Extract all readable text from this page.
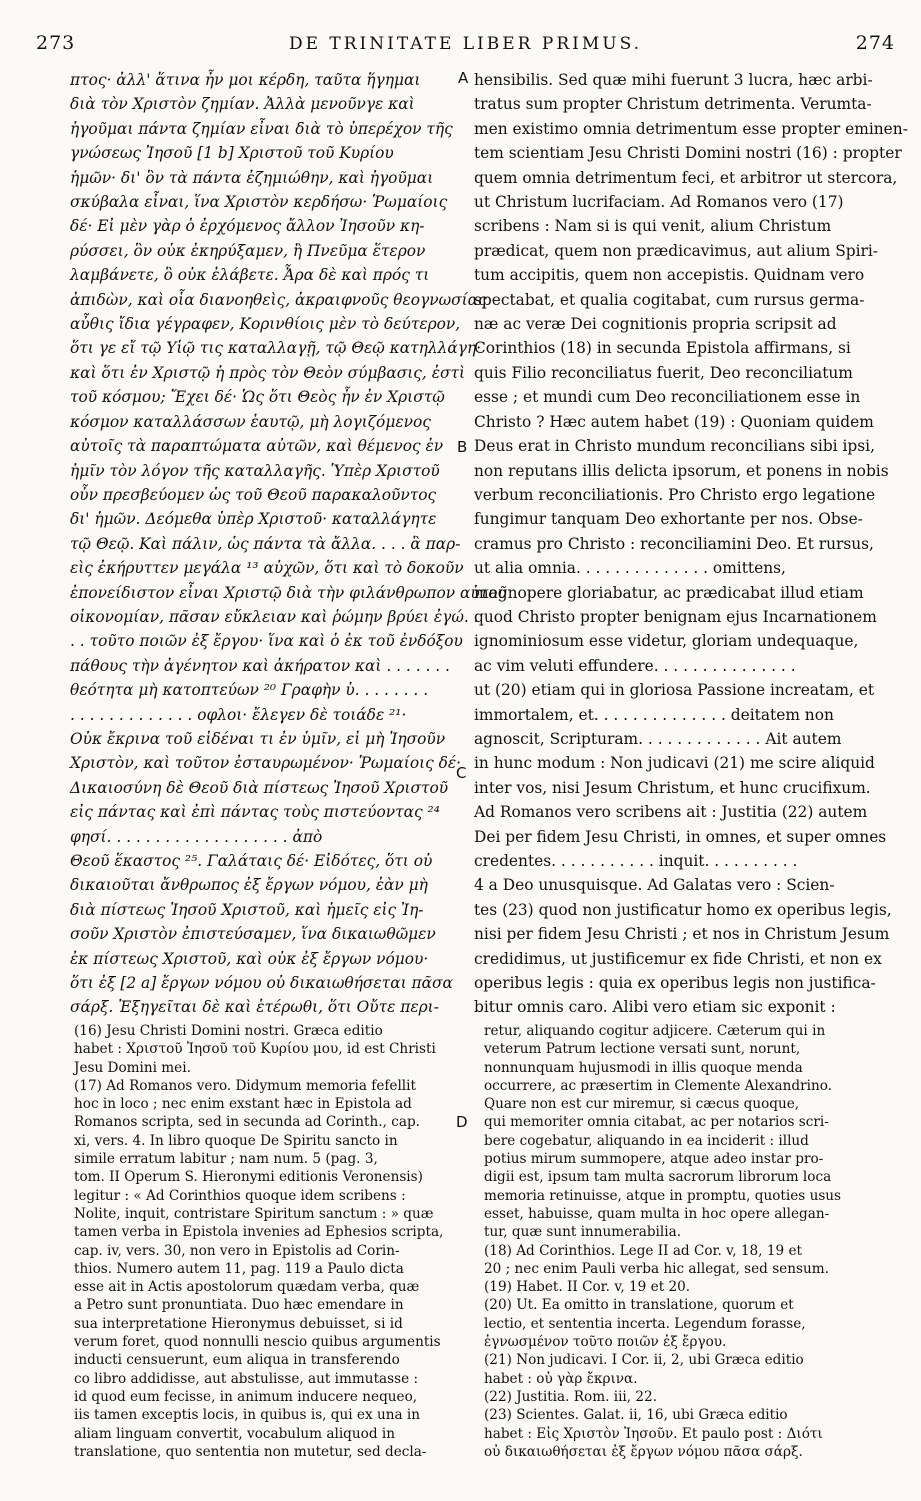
273	DE TRINITATE LIBER PRIMUS.	274
πτος· ἀλλ' ἅτινα ἦν μοι κέρδη, ταῦτα ἥγημαι
διὰ τὸν Χριστὸν ζημίαν. Ἀλλὰ μενοῦνγε καὶ
ἡγοῦμαι πάντα ζημίαν εἶναι διὰ τὸ ὑπερέχον τῆς
γνώσεως Ἰησοῦ [1 b] Χριστοῦ τοῦ Κυρίου
ἡμῶν· δι' ὃν τὰ πάντα ἐζημιώθην, καὶ ἡγοῦμαι
σκύβαλα εἶναι, ἵνα Χριστὸν κερδήσω· Ῥωμαίοις
δέ· Εἰ μὲν γὰρ ὁ ἐρχόμενος ἄλλον Ἰησοῦν κη-
ρύσσει, ὃν οὐκ ἐκηρύξαμεν, ἢ Πνεῦμα ἕτερον
λαμβάνετε, ὃ οὐκ ἐλάβετε. Ἆρα δὲ καὶ πρός τι
ἀπιδὼν, καὶ οἷα διανοηθεὶς, ἀκραιφνοῦς θεογνωσίας
αὖθις ἴδια γέγραφεν, Κορινθίοις μὲν τὸ δεύτερον,
ὅτι γε εἴ τῷ Υἱῷ τις καταλλαγῇ, τῷ Θεῷ κατηλλάγη·
καὶ ὅτι ἐν Χριστῷ ἡ πρὸς τὸν Θεὸν σύμβασις, ἐστὶ
τοῦ κόσμου; Ἔχει δέ· Ὡς ὅτι Θεὸς ἦν ἐν Χριστῷ
κόσμον καταλλάσσων ἑαυτῷ, μὴ λογιζόμενος
αὐτοῖς τὰ παραπτώματα αὐτῶν, καὶ θέμενος ἐν
ἡμῖν τὸν λόγον τῆς καταλλαγῆς. Ὑπὲρ Χριστοῦ
οὖν πρεσβεύομεν ὡς τοῦ Θεοῦ παρακαλοῦντος
δι' ἡμῶν. Δεόμεθα ὑπὲρ Χριστοῦ· καταλλάγητε
τῷ Θεῷ. Καὶ πάλιν, ὡς πάντα τὰ ἄλλα. . . . ἃ παρ-
εὶς ἐκήρυττεν μεγάλα ¹³ αὐχῶν, ὅτι καὶ τὸ δοκοῦν
ἐπονείδιστον εἶναι Χριστῷ διὰ τὴν φιλάνθρωπον αὐτοῦ
οἰκονομίαν, πᾶσαν εὔκλειαν καὶ ῥώμην βρύει ἐγώ. .
. . τοῦτο ποιῶν ἐξ ἔργου· ἵνα καὶ ὁ ἐκ τοῦ ἐνδόξου
πάθους τὴν ἀγένητον καὶ ἀκήρατον καὶ . . . . . . .
θεότητα μὴ κατοπτεύων ²⁰ Γραφὴν ὑ. . . . . . . .
. . . . . . . . . . . . . οφλοι· ἔλεγεν δὲ τοιάδε ²¹·
Οὐκ ἔκρινα τοῦ εἰδέναι τι ἐν ὑμῖν, εἰ μὴ Ἰησοῦν
Χριστὸν, καὶ τοῦτον ἐσταυρωμένον· Ῥωμαίοις δέ·
Δικαιοσύνη δὲ Θεοῦ διὰ πίστεως Ἰησοῦ Χριστοῦ
εἰς πάντας καὶ ἐπὶ πάντας τοὺς πιστεύοντας ²⁴
φησί. . . . . . . . . . . . . . . . . . . ἀπὸ
Θεοῦ ἕκαστος ²⁵. Γαλάταις δέ· Εἰδότες, ὅτι οὐ
δικαιοῦται ἄνθρωπος ἐξ ἔργων νόμου, ἐὰν μὴ
διὰ πίστεως Ἰησοῦ Χριστοῦ, καὶ ἡμεῖς εἰς Ἰη-
σοῦν Χριστὸν ἐπιστεύσαμεν, ἵνα δικαιωθῶμεν
ἐκ πίστεως Χριστοῦ, καὶ οὐκ ἐξ ἔργων νόμου·
ὅτι ἐξ [2 a] ἔργων νόμου οὐ δικαιωθήσεται πᾶσα
σάρξ. Ἐξηγεῖται δὲ καὶ ἑτέρωθι, ὅτι Οὔτε περι-
hensibilis. Sed quæ mihi fuerunt 3 lucra, hæc arbi-
tratus sum propter Christum detrimenta. Verumta-
men existimo omnia detrimentum esse propter eminen-
tem scientiam Jesu Christi Domini nostri (16) : propter
quem omnia detrimentum feci, et arbitror ut stercora,
ut Christum lucrifaciam. Ad Romanos vero (17)
scribens : Nam si is qui venit, alium Christum
prædicat, quem non prædicavimus, aut alium Spiri-
tum accipitis, quem non accepistis. Quidnam vero
spectabat, et qualia cogitabat, cum rursus germa-
næ ac veræ Dei cognitionis propria scripsit ad
Corinthios (18) in secunda Epistola affirmans, si
quis Filio reconciliatus fuerit, Deo reconciliatum
esse ; et mundi cum Deo reconciliationem esse in
Christo ? Hæc autem habet (19) : Quoniam quidem
Deus erat in Christo mundum reconcilians sibi ipsi,
non reputans illis delicta ipsorum, et ponens in nobis
verbum reconciliationis. Pro Christo ergo legatione
fungimur tanquam Deo exhortante per nos. Obse-
cramus pro Christo : reconciliamini Deo. Et rursus,
ut alia omnia. . . . . . . . . . . . . . omittens,
magnopere gloriabatur, ac prædicabat illud etiam
quod Christo propter benignam ejus Incarnationem
ignominiosum esse videtur, gloriam undequaque,
ac vim veluti effundere. . . . . . . . . . . . . . .
ut (20) etiam qui in gloriosa Passione increatam, et
immortalem, et. . . . . . . . . . . . . . deitatem non
agnoscit, Scripturam. . . . . . . . . . . . . Ait autem
in hunc modum : Non judicavi (21) me scire aliquid
inter vos, nisi Jesum Christum, et hunc crucifixum.
Ad Romanos vero scribens ait : Justitia (22) autem
Dei per fidem Jesu Christi, in omnes, et super omnes
credentes. . . . . . . . . . . inquit. . . . . . . . . .
4 a Deo unusquisque. Ad Galatas vero : Scien-
tes (23) quod non justificatur homo ex operibus legis,
nisi per fidem Jesu Christi ; et nos in Christum Jesum
credidimus, ut justificemur ex fide Christi, et non ex
operibus legis : quia ex operibus legis non justifica-
bitur omnis caro. Alibi vero etiam sic exponit :
A
B
C
D
(16) Jesu Christi Domini nostri. Græca editio
habet : Χριστοῦ Ἰησοῦ τοῦ Κυρίου μου, id est Christi
Jesu Domini mei.
(17) Ad Romanos vero. Didymum memoria fefellit
hoc in loco ; nec enim exstant hæc in Epistola ad
Romanos scripta, sed in secunda ad Corinth., cap.
xi, vers. 4. In libro quoque De Spiritu sancto in
simile erratum labitur ; nam num. 5 (pag. 3,
tom. II Operum S. Hieronymi editionis Veronensis)
legitur : « Ad Corinthios quoque idem scribens :
Nolite, inquit, contristare Spiritum sanctum : » quæ
tamen verba in Epistola invenies ad Ephesios scripta,
cap. iv, vers. 30, non vero in Epistolis ad Corin-
thios. Numero autem 11, pag. 119 a Paulo dicta
esse ait in Actis apostolorum quædam verba, quæ
a Petro sunt pronuntiata. Duo hæc emendare in
sua interpretatione Hieronymus debuisset, si id
verum foret, quod nonnulli nescio quibus argumentis
inducti censuerunt, eum aliqua in transferendo
co libro addidisse, aut abstulisse, aut immutasse :
id quod eum fecisse, in animum inducere nequeo,
iis tamen exceptis locis, in quibus is, qui ex una in
aliam linguam convertit, vocabulum aliquod in
translatione, quo sententia non mutetur, sed decla-
retur, aliquando cogitur adjicere. Cæterum qui in
veterum Patrum lectione versati sunt, norunt,
nonnunquam hujusmodi in illis quoque menda
occurrere, ac præsertim in Clemente Alexandrino.
Quare non est cur miremur, si cæcus quoque,
qui memoriter omnia citabat, ac per notarios scri-
bere cogebatur, aliquando in ea inciderit : illud
potius mirum summopere, atque adeo instar pro-
digii est, ipsum tam multa sacrorum librorum loca
memoria retinuisse, atque in promptu, quoties usus
esset, habuisse, quam multa in hoc opere allegan-
tur, quæ sunt innumerabilia.
(18) Ad Corinthios. Lege II ad Cor. v, 18, 19 et
20 ; nec enim Pauli verba hic allegat, sed sensum.
(19) Habet. II Cor. v, 19 et 20.
(20) Ut. Ea omitto in translatione, quorum et
lectio, et sententia incerta. Legendum forasse,
ἐγνωσμένον τοῦτο ποιῶν ἐξ ἔργου.
(21) Non judicavi. I Cor. ii, 2, ubi Græca editio
habet : οὐ γὰρ ἔκρινα.
(22) Justitia. Rom. iii, 22.
(23) Scientes. Galat. ii, 16, ubi Græca editio
habet : Εἰς Χριστὸν Ἰησοῦν. Et paulo post : Διότι
οὐ δικαιωθήσεται ἐξ ἔργων νόμου πᾶσα σάρξ.
